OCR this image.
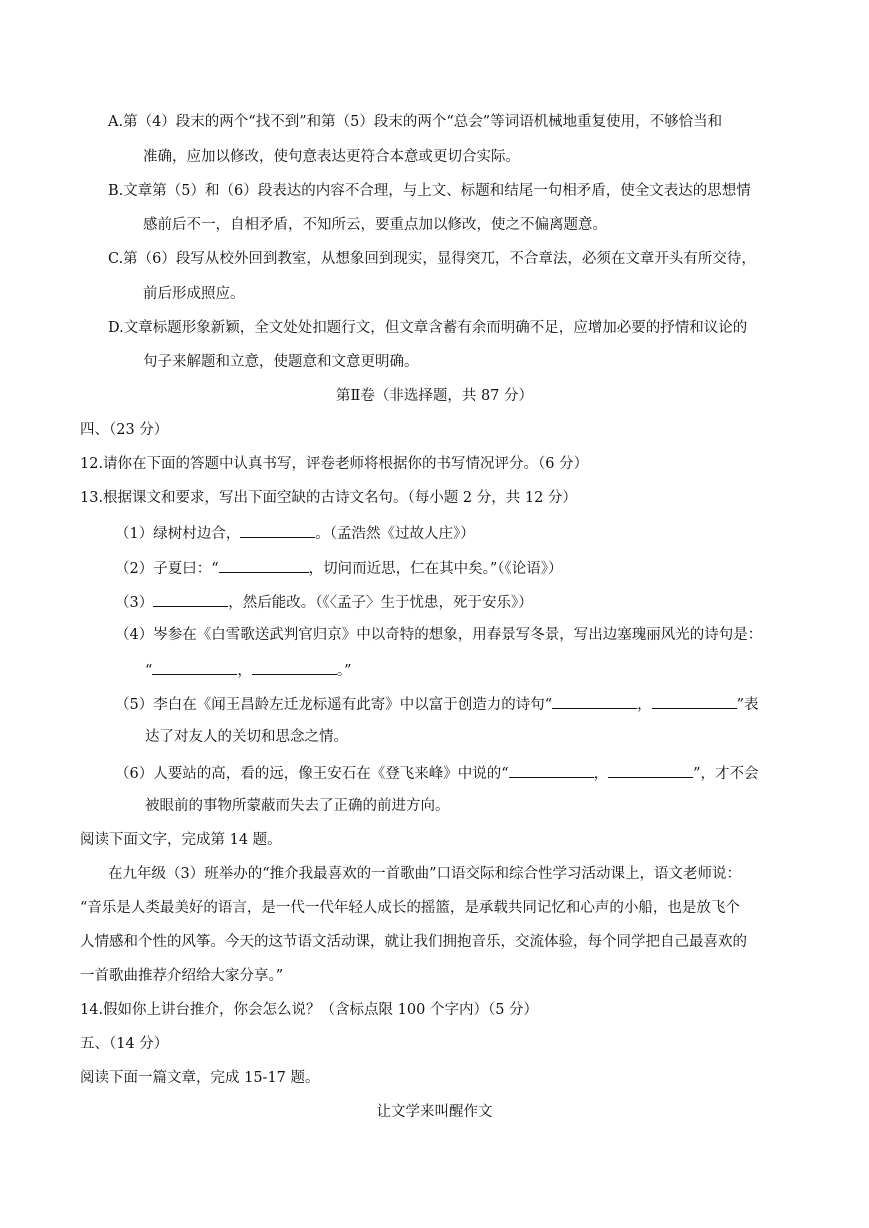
A.第（4）段末的两个“找不到”和第（5）段末的两个“总会”等词语机械地重复使用，不够恰当和
准确，应加以修改，使句意表达更符合本意或更切合实际。
B.文章第（5）和（6）段表达的内容不合理，与上文、标题和结尾一句相矛盾，使全文表达的思想情
感前后不一，自相矛盾，不知所云，要重点加以修改，使之不偏离题意。
C.第（6）段写从校外回到教室，从想象回到现实，显得突兀，不合章法，必须在文章开头有所交待，
前后形成照应。
D.文章标题形象新颖，全文处处扣题行文，但文章含蓄有余而明确不足，应增加必要的抒情和议论的
句子来解题和立意，使题意和文意更明确。
第Ⅱ卷（非选择题，共 87 分）
四、（23 分）
12.请你在下面的答题中认真书写，评卷老师将根据你的书写情况评分。（6 分）
13.根据课文和要求，写出下面空缺的古诗文名句。（每小题 2 分，共 12 分）
（1）绿树村边合，	。（孟浩然《过故人庄》）
（2）子夏曰：“	，切问而近思，仁在其中矣。”（《论语》）
（3）	，然后能改。（《〈孟子〉生于忧患，死于安乐》）
（4）岑参在《白雪歌送武判官归京》中以奇特的想象，用春景写冬景，写出边塞瑰丽风光的诗句是：
“	，	。”
（5）李白在《闻王昌龄左迁龙标遥有此寄》中以富于创造力的诗句“	，	”表
达了对友人的关切和思念之情。
（6）人要站的高，看的远，像王安石在《登飞来峰》中说的“	，	”，才不会
被眼前的事物所蒙蔽而失去了正确的前进方向。
阅读下面文字，完成第 14 题。
在九年级（3）班举办的“推介我最喜欢的一首歌曲”口语交际和综合性学习活动课上，语文老师说：
“音乐是人类最美好的语言，是一代一代年轻人成长的摇篮，是承载共同记忆和心声的小船，也是放飞个
人情感和个性的风筝。今天的这节语文活动课，就让我们拥抱音乐，交流体验，每个同学把自己最喜欢的
一首歌曲推荐介绍给大家分享。”
14.假如你上讲台推介，你会怎么说？（含标点限 100 个字内）（5 分）
五、（14 分）
阅读下面一篇文章，完成 15-17 题。
让文学来叫醒作文
